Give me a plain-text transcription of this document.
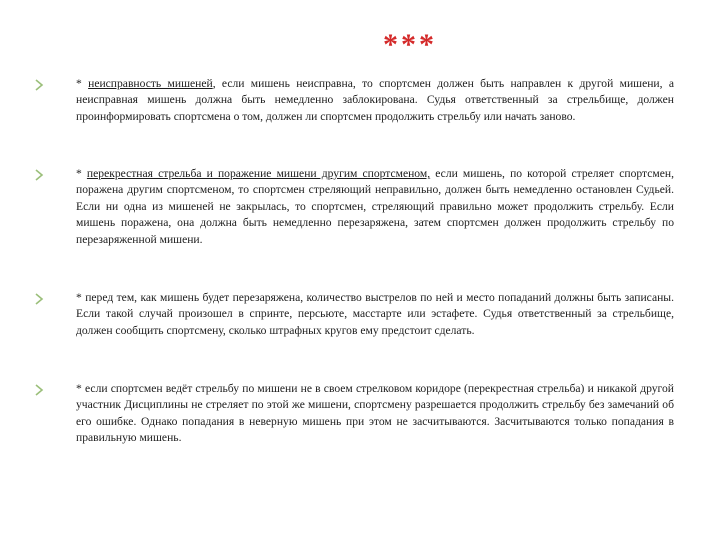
***
* неисправность мишеней, если мишень неисправна, то спортсмен должен быть направлен к другой мишени, а неисправная мишень должна быть немедленно заблокирована. Судья ответственный за стрельбище, должен проинформировать спортсмена о том, должен ли спортсмен продолжить стрельбу или начать заново.
* перекрестная стрельба и поражение мишени другим спортсменом, если мишень, по которой стреляет спортсмен, поражена другим спортсменом, то спортсмен стреляющий неправильно, должен быть немедленно остановлен Судьей. Если ни одна из мишеней не закрылась, то спортсмен, стреляющий правильно может продолжить стрельбу. Если мишень поражена, она должна быть немедленно перезаряжена, затем спортсмен должен продолжить стрельбу по перезаряженной мишени.
* перед тем, как мишень будет перезаряжена, количество выстрелов по ней и место попаданий должны быть записаны. Если такой случай произошел в спринте, персьюте, масстарте или эстафете. Судья ответственный за стрельбище, должен сообщить спортсмену, сколько штрафных кругов ему предстоит сделать.
* если спортсмен ведёт стрельбу по мишени не в своем стрелковом коридоре (перекрестная стрельба) и никакой другой участник Дисциплины не стреляет по этой же мишени, спортсмену разрешается продолжить стрельбу без замечаний об его ошибке. Однако попадания в неверную мишень при этом не засчитываются. Засчитываются только попадания в правильную мишень.
